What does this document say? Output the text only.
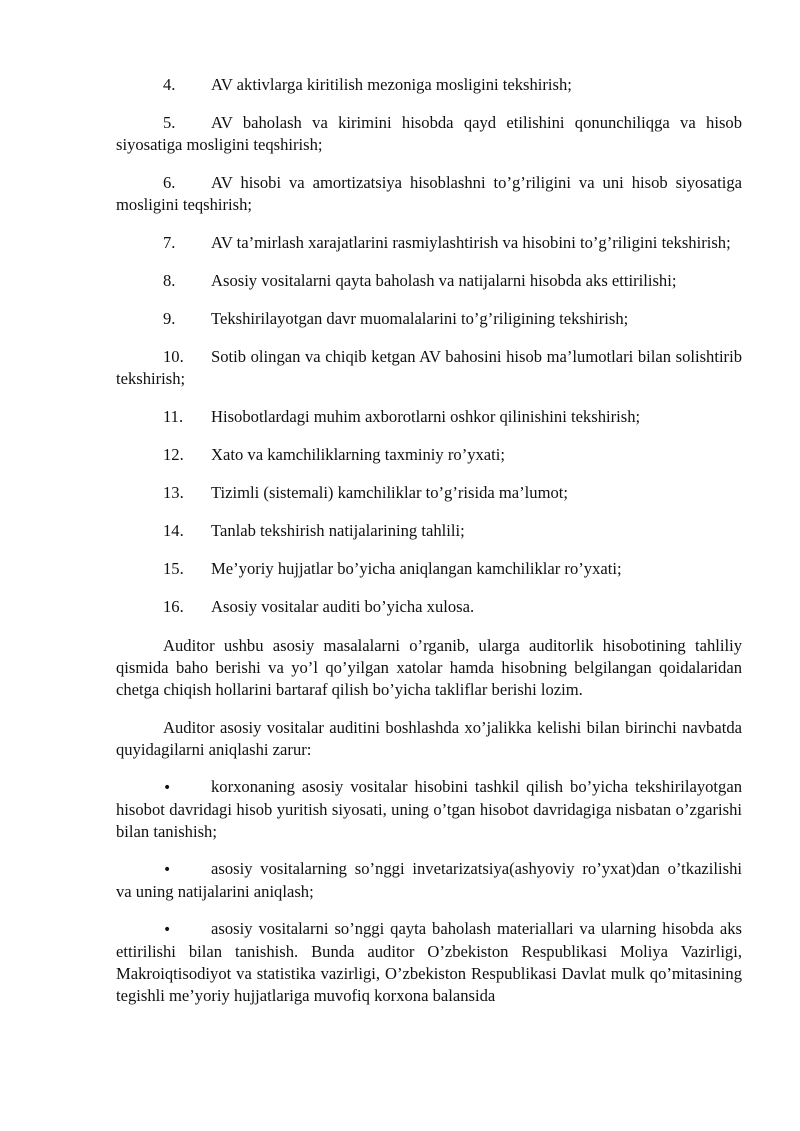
4. AV aktivlarga kiritilish mezoniga mosligini tekshirish;
5. AV baholash va kirimini hisobda qayd etilishini qonunchiliqga va hisob siyosatiga mosligini teqshirish;
6. AV hisobi va amortizatsiya hisoblashni to’g’riligini va uni hisob siyosatiga mosligini teqshirish;
7. AV ta’mirlash xarajatlarini rasmiylashtirish va hisobini to’g’riligini tekshirish;
8. Asosiy vositalarni qayta baholash va natijalarni hisobda aks ettirilishi;
9. Tekshirilayotgan davr muomalalarini to’g’riligining tekshirish;
10. Sotib olingan va chiqib ketgan AV bahosini hisob ma’lumotlari bilan solishtirib tekshirish;
11. Hisobotlardagi muhim axborotlarni oshkor qilinishini tekshirish;
12. Xato va kamchiliklarning taxminiy ro’yxati;
13. Tizimli (sistemali) kamchiliklar to’g’risida ma’lumot;
14. Tanlab tekshirish natijalarining tahlili;
15. Me’yoriy hujjatlar bo’yicha aniqlangan kamchiliklar ro’yxati;
16. Asosiy vositalar auditi bo’yicha xulosa.

Auditor ushbu asosiy masalalarni o’rganib, ularga auditorlik hisobotining tahliliy qismida baho berishi va yo’l qo’yilgan xatolar hamda hisobning belgilangan qoidalaridan chetga chiqish hollarini bartaraf qilish bo’yicha takliflar berishi lozim.

Auditor asosiy vositalar auditini boshlashda xo’jalikka kelishi bilan birinchi navbatda quyidagilarni aniqlashi zarur:

• korxonaning asosiy vositalar hisobini tashkil qilish bo’yicha tekshirilayotgan hisobot davridagi hisob yuritish siyosati, uning o’tgan hisobot davridagiga nisbatan o’zgarishi bilan tanishish;
• asosiy vositalarning so’nggi invetarizatsiya(ashyoviy ro’yxat)dan o’tkazilishi va uning natijalarini aniqlash;
• asosiy vositalarni so’nggi qayta baholash materiallari va ularning hisobda aks ettirilishi bilan tanishish. Bunda auditor O’zbekiston Respublikasi Moliya Vazirligi, Makroiqtisodiyot va statistika vazirligi, O’zbekiston Respublikasi Davlat mulk qo’mitasining tegishli me’yoriy hujjatlariga muvofiq korxona balansida
